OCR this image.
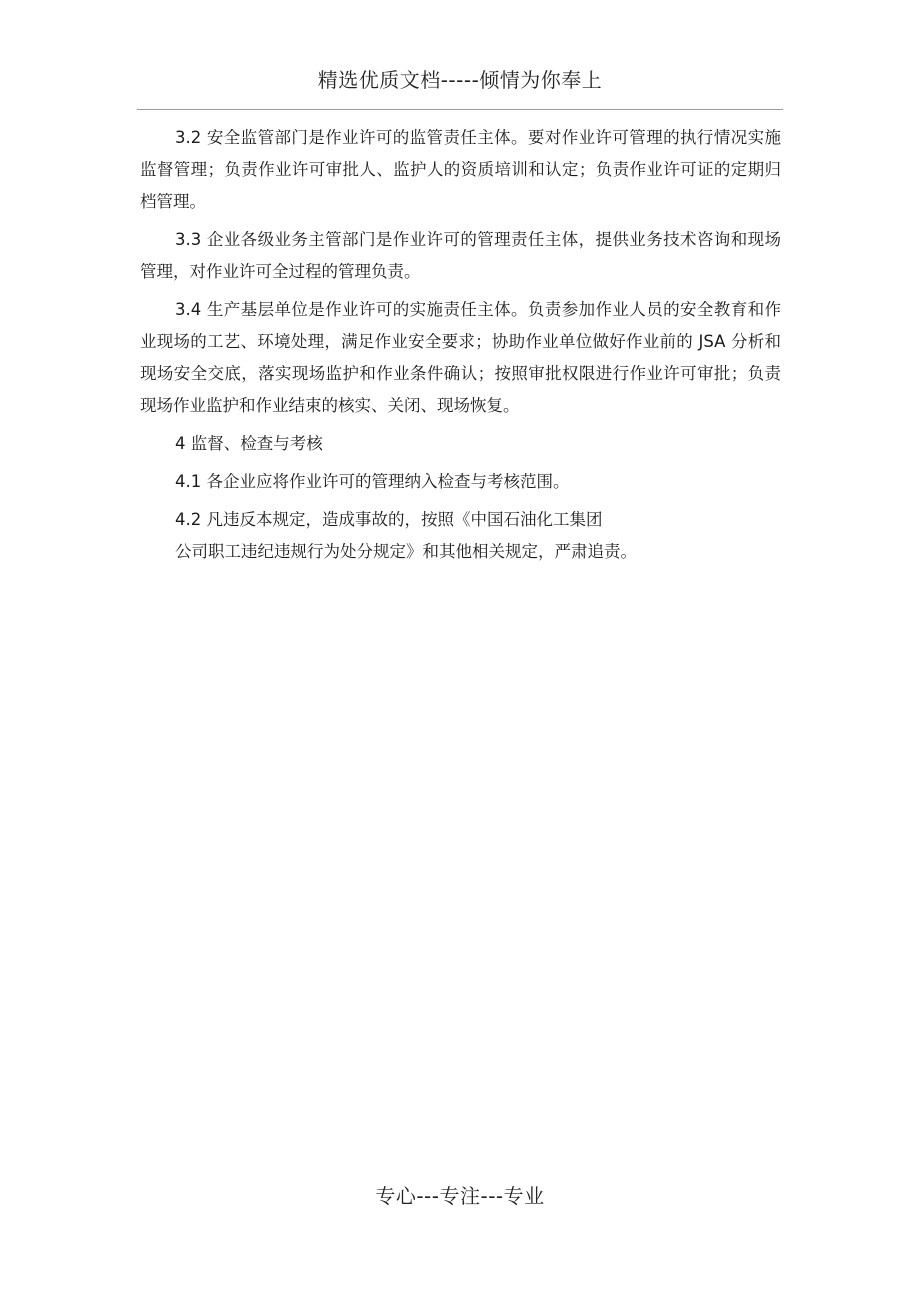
精选优质文档-----倾情为你奉上

3.2 安全监管部门是作业许可的监管责任主体。要对作业许可管理的执行情况实施监督管理；负责作业许可审批人、监护人的资质培训和认定；负责作业许可证的定期归档管理。

3.3 企业各级业务主管部门是作业许可的管理责任主体，提供业务技术咨询和现场管理，对作业许可全过程的管理负责。

3.4 生产基层单位是作业许可的实施责任主体。负责参加作业人员的安全教育和作业现场的工艺、环境处理，满足作业安全要求；协助作业单位做好作业前的 JSA 分析和现场安全交底，落实现场监护和作业条件确认；按照审批权限进行作业许可审批；负责现场作业监护和作业结束的核实、关闭、现场恢复。

4 监督、检查与考核

4.1 各企业应将作业许可的管理纳入检查与考核范围。

4.2 凡违反本规定，造成事故的，按照《中国石油化工集团

公司职工违纪违规行为处分规定》和其他相关规定，严肃追责。

专心---专注---专业
